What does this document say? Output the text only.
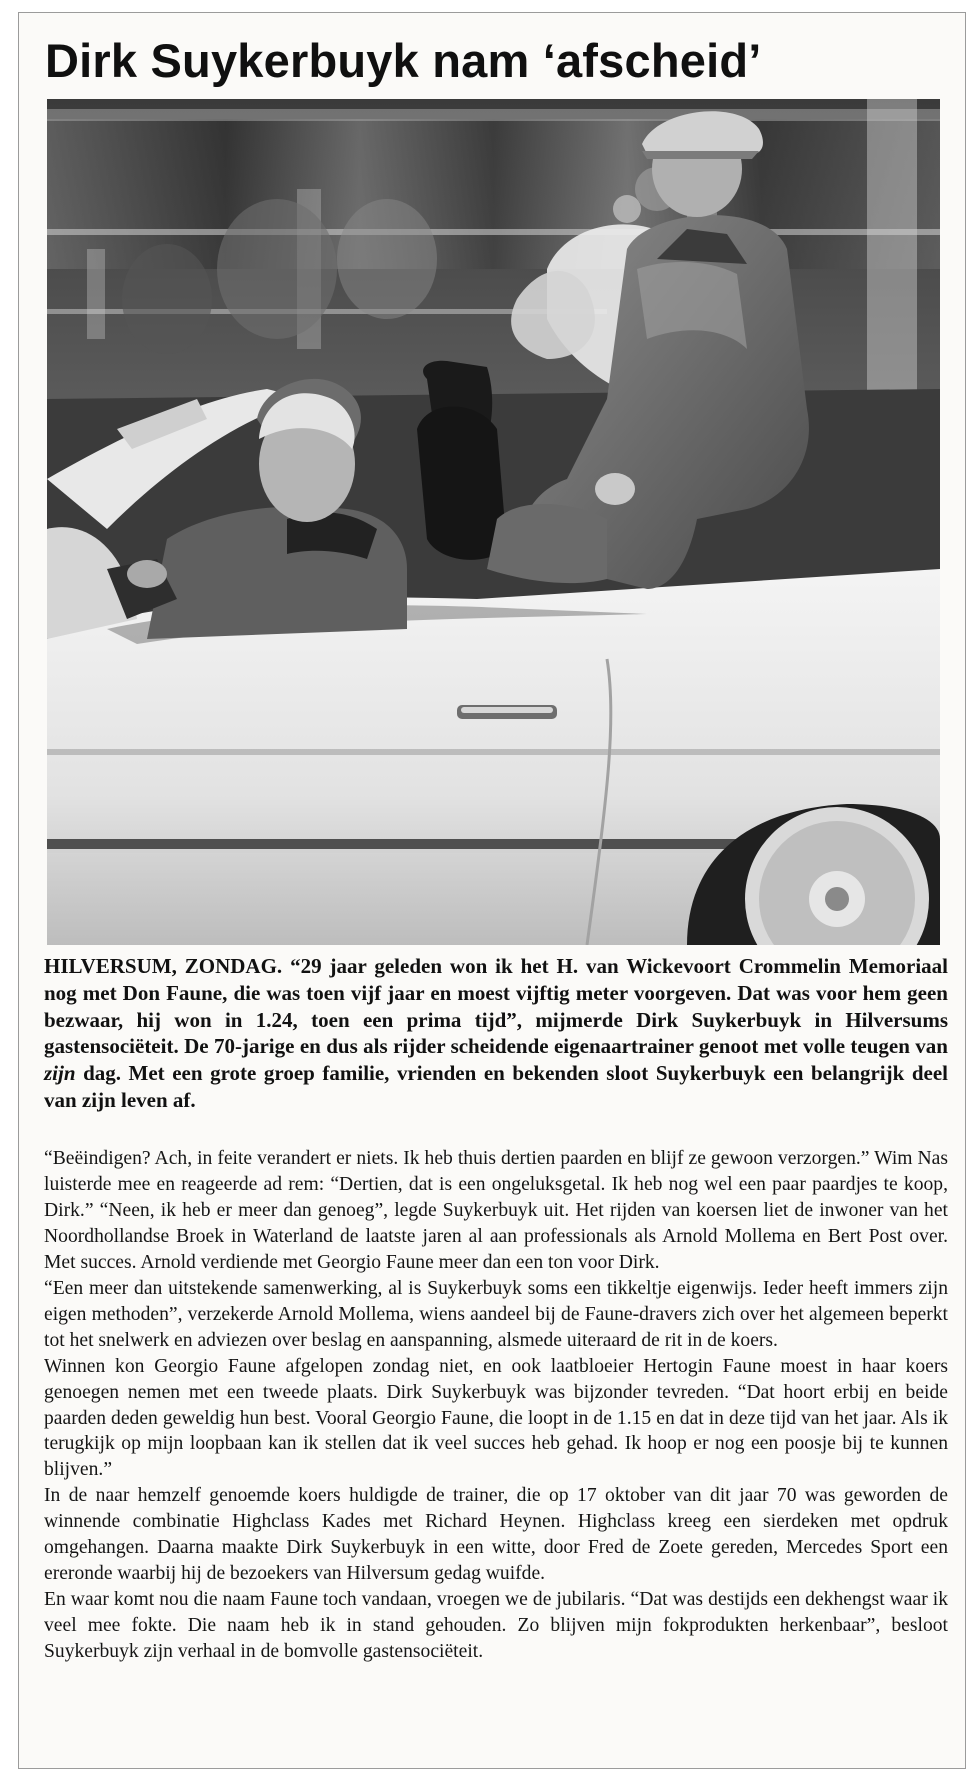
Dirk Suykerbuyk nam ‘afscheid’

HILVERSUM, ZONDAG. “29 jaar geleden won ik het H. van Wickevoort Crommelin Memoriaal nog met Don Faune, die was toen vijf jaar en moest vijftig meter voorgeven. Dat was voor hem geen bezwaar, hij won in 1.24, toen een prima tijd”, mijmerde Dirk Suykerbuyk in Hilversums gastensociëteit. De 70-jarige en dus als rijder scheidende eigenaartrainer genoot met volle teugen van zijn dag. Met een grote groep familie, vrienden en bekenden sloot Suykerbuyk een belangrijk deel van zijn leven af.

“Beëindigen? Ach, in feite verandert er niets. Ik heb thuis dertien paarden en blijf ze gewoon verzorgen.” Wim Nas luisterde mee en reageerde ad rem: “Dertien, dat is een ongeluksgetal. Ik heb nog wel een paar paardjes te koop, Dirk.” “Neen, ik heb er meer dan genoeg”, legde Suykerbuyk uit. Het rijden van koersen liet de inwoner van het Noordhollandse Broek in Waterland de laatste jaren al aan professionals als Arnold Mollema en Bert Post over. Met succes. Arnold verdiende met Georgio Faune meer dan een ton voor Dirk.

“Een meer dan uitstekende samenwerking, al is Suykerbuyk soms een tikkeltje eigenwijs. Ieder heeft immers zijn eigen methoden”, verzekerde Arnold Mollema, wiens aandeel bij de Faune-dravers zich over het algemeen beperkt tot het snelwerk en adviezen over beslag en aanspanning, alsmede uiteraard de rit in de koers.

Winnen kon Georgio Faune afgelopen zondag niet, en ook laatbloeier Hertogin Faune moest in haar koers genoegen nemen met een tweede plaats. Dirk Suykerbuyk was bijzonder tevreden. “Dat hoort erbij en beide paarden deden geweldig hun best. Vooral Georgio Faune, die loopt in de 1.15 en dat in deze tijd van het jaar. Als ik terugkijk op mijn loopbaan kan ik stellen dat ik veel succes heb gehad. Ik hoop er nog een poosje bij te kunnen blijven.”

In de naar hemzelf genoemde koers huldigde de trainer, die op 17 oktober van dit jaar 70 was geworden de winnende combinatie Highclass Kades met Richard Heynen. Highclass kreeg een sierdeken met opdruk omgehangen. Daarna maakte Dirk Suykerbuyk in een witte, door Fred de Zoete gereden, Mercedes Sport een ereronde waarbij hij de bezoekers van Hilversum gedag wuifde.

En waar komt nou die naam Faune toch vandaan, vroegen we de jubilaris. “Dat was destijds een dekhengst waar ik veel mee fokte. Die naam heb ik in stand gehouden. Zo blijven mijn fokprodukten herkenbaar”, besloot Suykerbuyk zijn verhaal in de bomvolle gastensociëteit.
